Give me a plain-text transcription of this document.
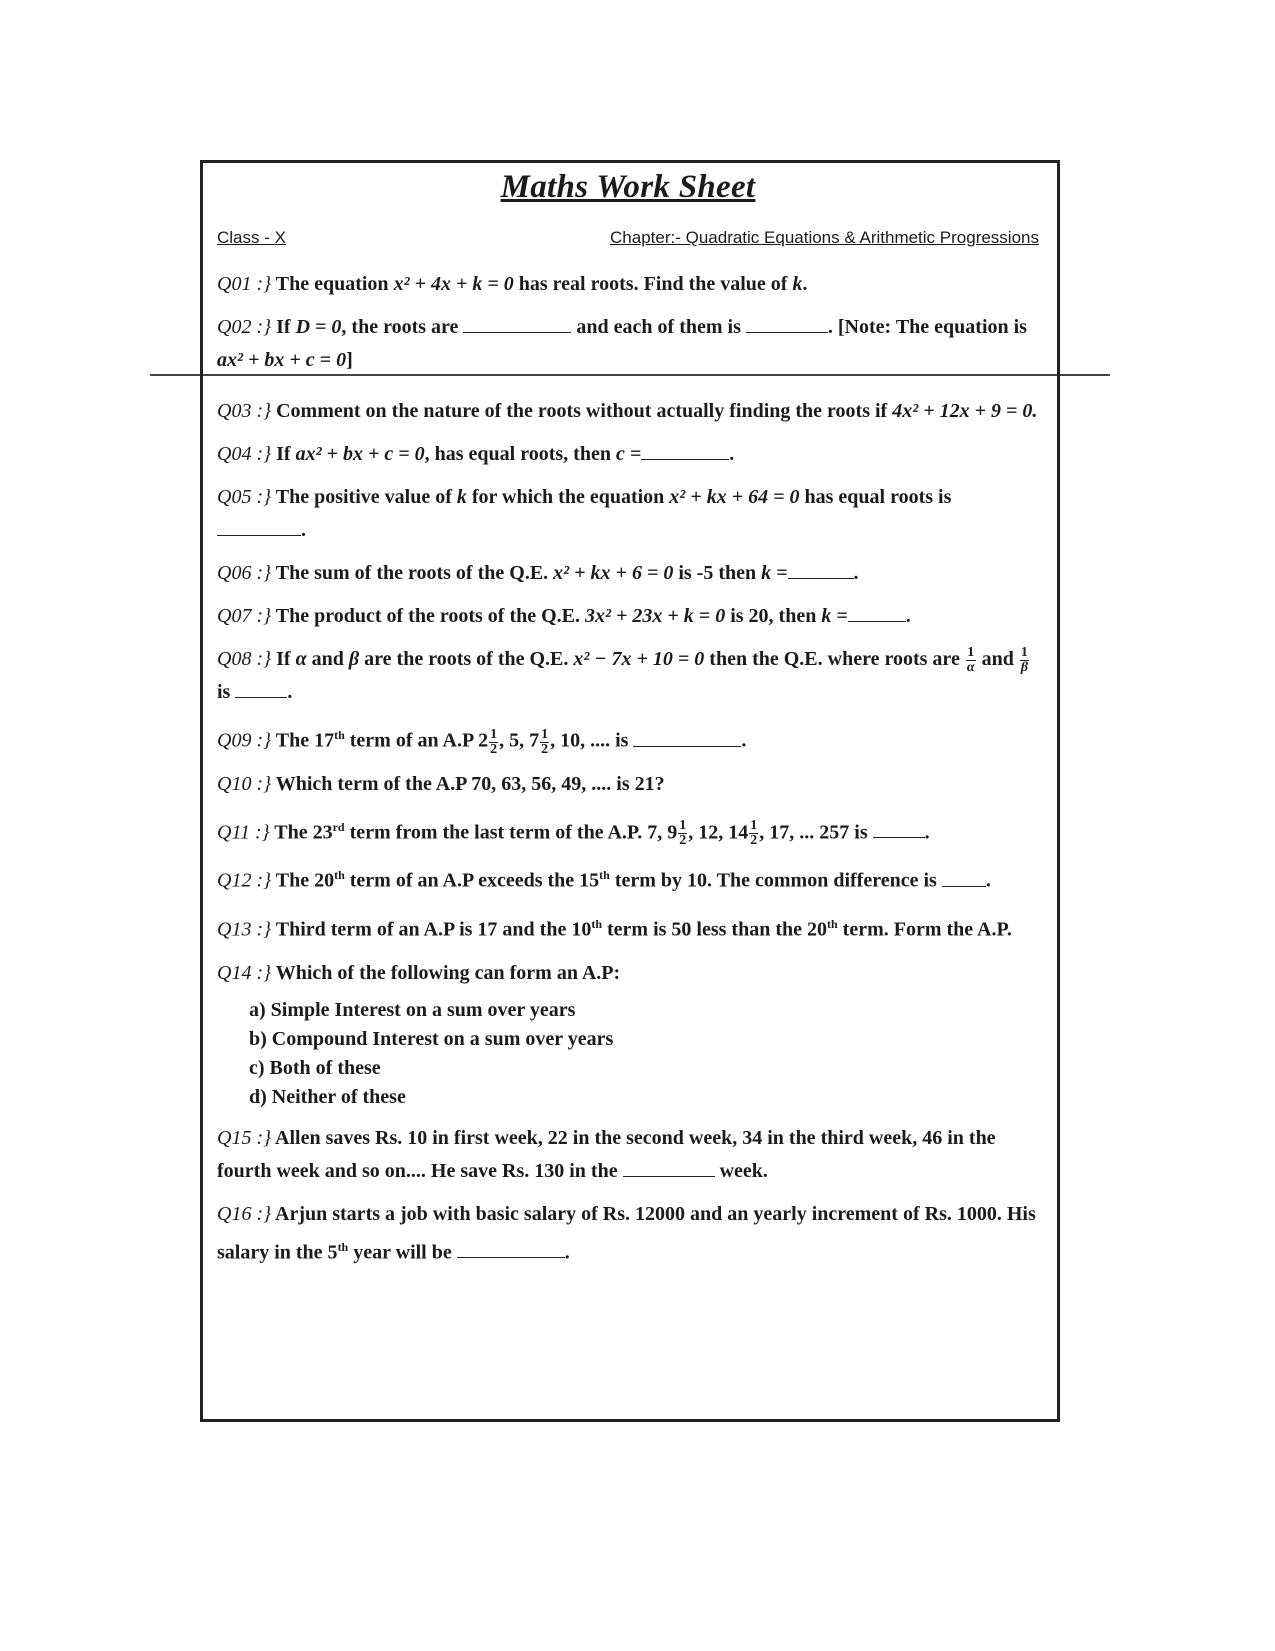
Maths Work Sheet
Class - X	Chapter:- Quadratic Equations & Arithmetic Progressions

Q01 :} The equation x² + 4x + k = 0 has real roots. Find the value of k.

Q02 :} If D = 0, the roots are	and each of them is	. [Note: The equation is ax² + bx + c = 0]

Q03 :} Comment on the nature of the roots without actually finding the roots if 4x² + 12x + 9 = 0.

Q04 :} If ax² + bx + c = 0, has equal roots, then c =	.

Q05 :} The positive value of k for which the equation x² + kx + 64 = 0 has equal roots is .

Q06 :} The sum of the roots of the Q.E. x² + kx + 6 = 0 is -5 then k =	.

Q07 :} The product of the roots of the Q.E. 3x² + 23x + k = 0 is 20, then k =	.

Q08 :} If α and β are the roots of the Q.E. x² − 7x + 10 = 0 then the Q.E. where roots are $\frac{1}{\alpha}$ and $\frac{1}{\beta}$
is	.

Q09 :} The 17th term of an A.P $2 \frac{1}{2}$ , 5, $7 \frac{1}{2}$ , 10, .... is	.

Q10 :} Which term of the A.P 70, 63, 56, 49, .... is 21?

Q11 :} The 23rd term from the last term of the A.P. 7, $9 \frac{1}{2}$ , 12, $14 \frac{1}{2}$ , 17, ... 257 is	.

Q12 :} The 20th term of an A.P exceeds the 15th term by 10. The common difference is .

Q13 :} Third term of an A.P is 17 and the 10th term is 50 less than the 20th term. Form the A.P.

Q14 :} Which of the following can form an A.P:

a) Simple Interest on a sum over years
b) Compound Interest on a sum over years
c) Both of these
d) Neither of these

Q15 :} Allen saves Rs. 10 in first week, 22 in the second week, 34 in the third week, 46 in the fourth week and so on.... He save Rs. 130 in the	week.

Q16 :} Arjun starts a job with basic salary of Rs. 12000 and an yearly increment of Rs. 1000. His salary in the 5th year will be	.
